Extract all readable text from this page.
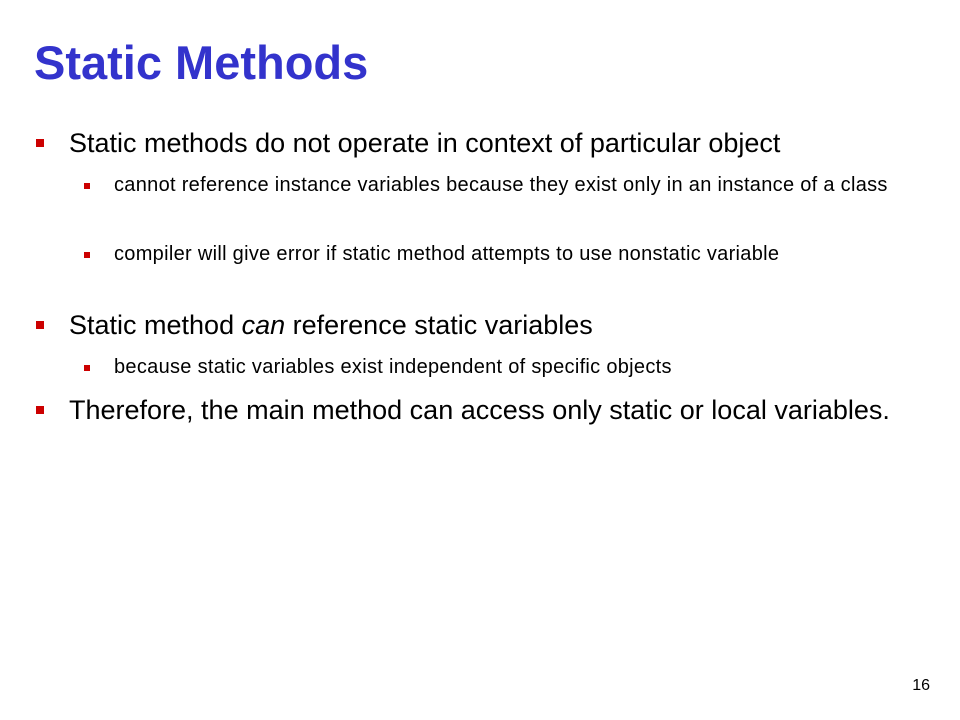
Static Methods
Static methods do not operate in context of particular object
cannot reference instance variables because they exist only in an instance of a class
compiler will give error if static method attempts to use nonstatic variable
Static method can reference static variables
because static variables exist independent of specific objects
Therefore, the main method can access only static or local variables.
16
